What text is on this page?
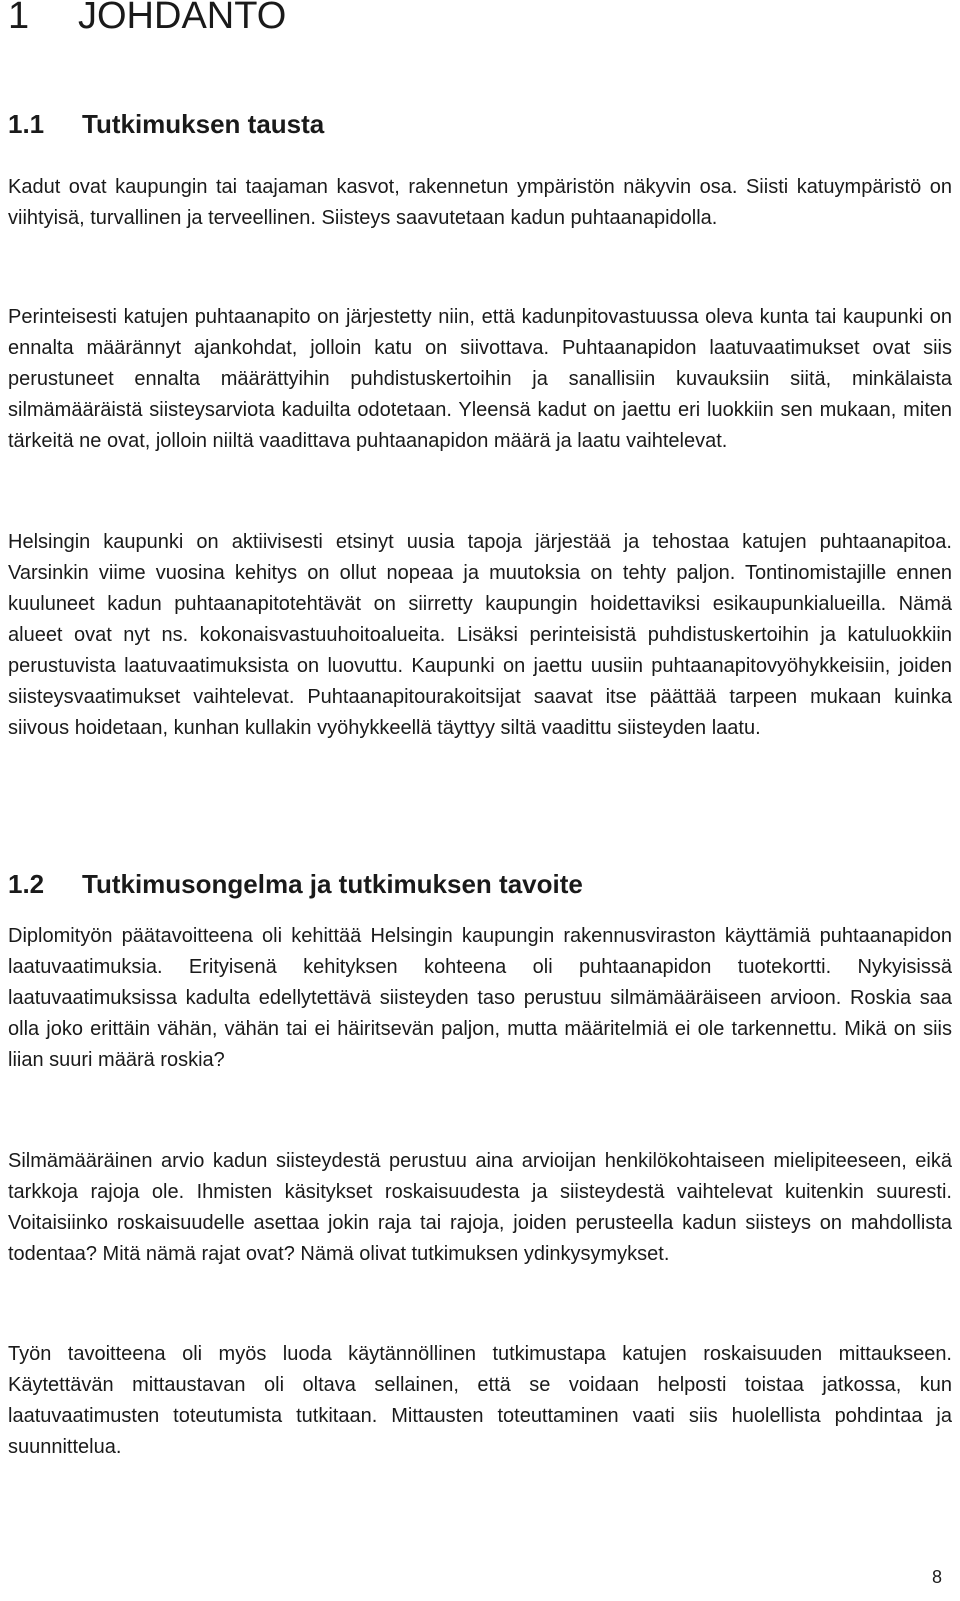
1 JOHDANTO
1.1 Tutkimuksen tausta

Kadut ovat kaupungin tai taajaman kasvot, rakennetun ympäristön näkyvin osa. Siisti katuympäristö on viihtyisä, turvallinen ja terveellinen. Siisteys saavutetaan kadun puhtaanapidolla.

Perinteisesti katujen puhtaanapito on järjestetty niin, että kadunpitovastuussa oleva kunta tai kaupunki on ennalta määrännyt ajankohdat, jolloin katu on siivottava. Puhtaanapidon laatuvaatimukset ovat siis perustuneet ennalta määrättyihin puhdistuskertoihin ja sanallisiin kuvauksiin siitä, minkälaista silmämääräistä siisteysarviota kaduilta odotetaan. Yleensä kadut on jaettu eri luokkiin sen mukaan, miten tärkeitä ne ovat, jolloin niiltä vaadittava puhtaanapidon määrä ja laatu vaihtelevat.

Helsingin kaupunki on aktiivisesti etsinyt uusia tapoja järjestää ja tehostaa katujen puhtaanapitoa. Varsinkin viime vuosina kehitys on ollut nopeaa ja muutoksia on tehty paljon. Tontinomistajille ennen kuuluneet kadun puhtaanapitotehtävät on siirretty kaupungin hoidettaviksi esikaupunkialueilla. Nämä alueet ovat nyt ns. kokonaisvastuuhoitoalueita. Lisäksi perinteisistä puhdistuskertoihin ja katuluokkiin perustuvista laatuvaatimuksista on luovuttu. Kaupunki on jaettu uusiin puhtaanapitovyöhykkeisiin, joiden siisteysvaatimukset vaihtelevat. Puhtaanapitourakoitsijat saavat itse päättää tarpeen mukaan kuinka siivous hoidetaan, kunhan kullakin vyöhykkeellä täyttyy siltä vaadittu siisteyden laatu.

1.2 Tutkimusongelma ja tutkimuksen tavoite

Diplomityön päätavoitteena oli kehittää Helsingin kaupungin rakennusviraston käyttämiä puhtaanapidon laatuvaatimuksia. Erityisenä kehityksen kohteena oli puhtaanapidon tuotekortti. Nykyisissä laatuvaatimuksissa kadulta edellytettävä siisteyden taso perustuu silmämääräiseen arvioon. Roskia saa olla joko erittäin vähän, vähän tai ei häiritsevän paljon, mutta määritelmiä ei ole tarkennettu. Mikä on siis liian suuri määrä roskia?

Silmämääräinen arvio kadun siisteydestä perustuu aina arvioijan henkilökohtaiseen mielipiteeseen, eikä tarkkoja rajoja ole. Ihmisten käsitykset roskaisuudesta ja siisteydestä vaihtelevat kuitenkin suuresti. Voitaisiinko roskaisuudelle asettaa jokin raja tai rajoja, joiden perusteella kadun siisteys on mahdollista todentaa? Mitä nämä rajat ovat? Nämä olivat tutkimuksen ydinkysymykset.

Työn tavoitteena oli myös luoda käytännöllinen tutkimustapa katujen roskaisuuden mittaukseen. Käytettävän mittaustavan oli oltava sellainen, että se voidaan helposti toistaa jatkossa, kun laatuvaatimusten toteutumista tutkitaan. Mittausten toteuttaminen vaati siis huolellista pohdintaa ja suunnittelua.

8
